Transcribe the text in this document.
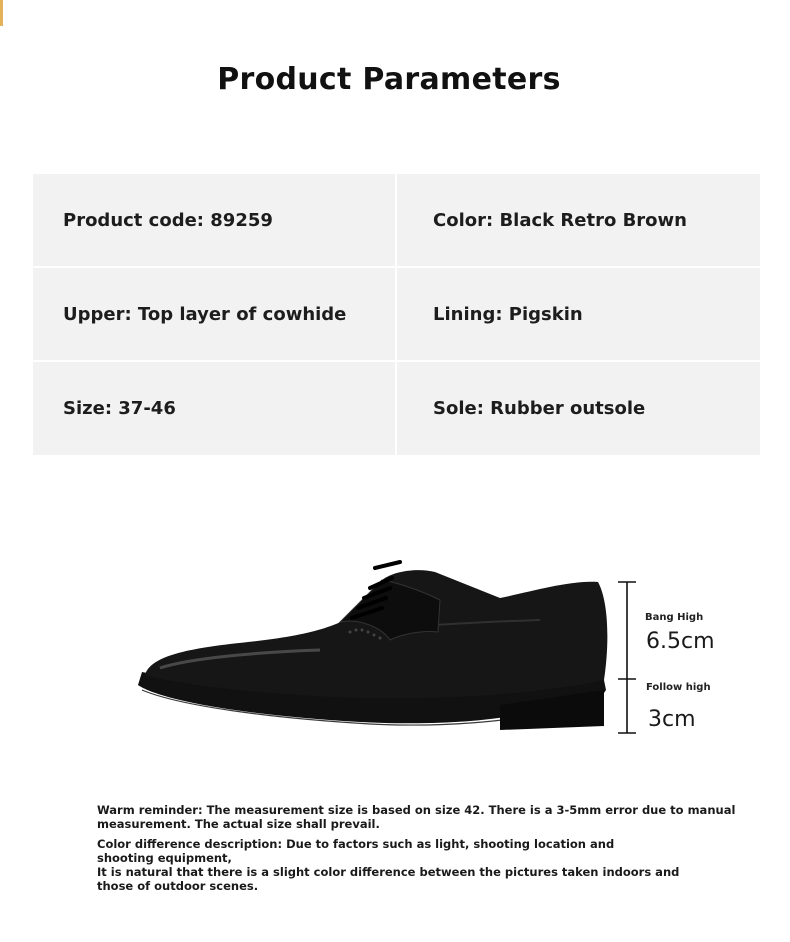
Product Parameters
Product code: 89259	Color: Black Retro Brown
Upper: Top layer of cowhide	Lining: Pigskin
Size: 37-46	Sole: Rubber outsole
Bang High
6.5cm
Follow high
3cm

Warm reminder: The measurement size is based on size 42. There is a 3-5mm error due to manual
measurement. The actual size shall prevail.

Color difference description: Due to factors such as light, shooting location and
shooting equipment,
It is natural that there is a slight color difference between the pictures taken indoors and
those of outdoor scenes.
